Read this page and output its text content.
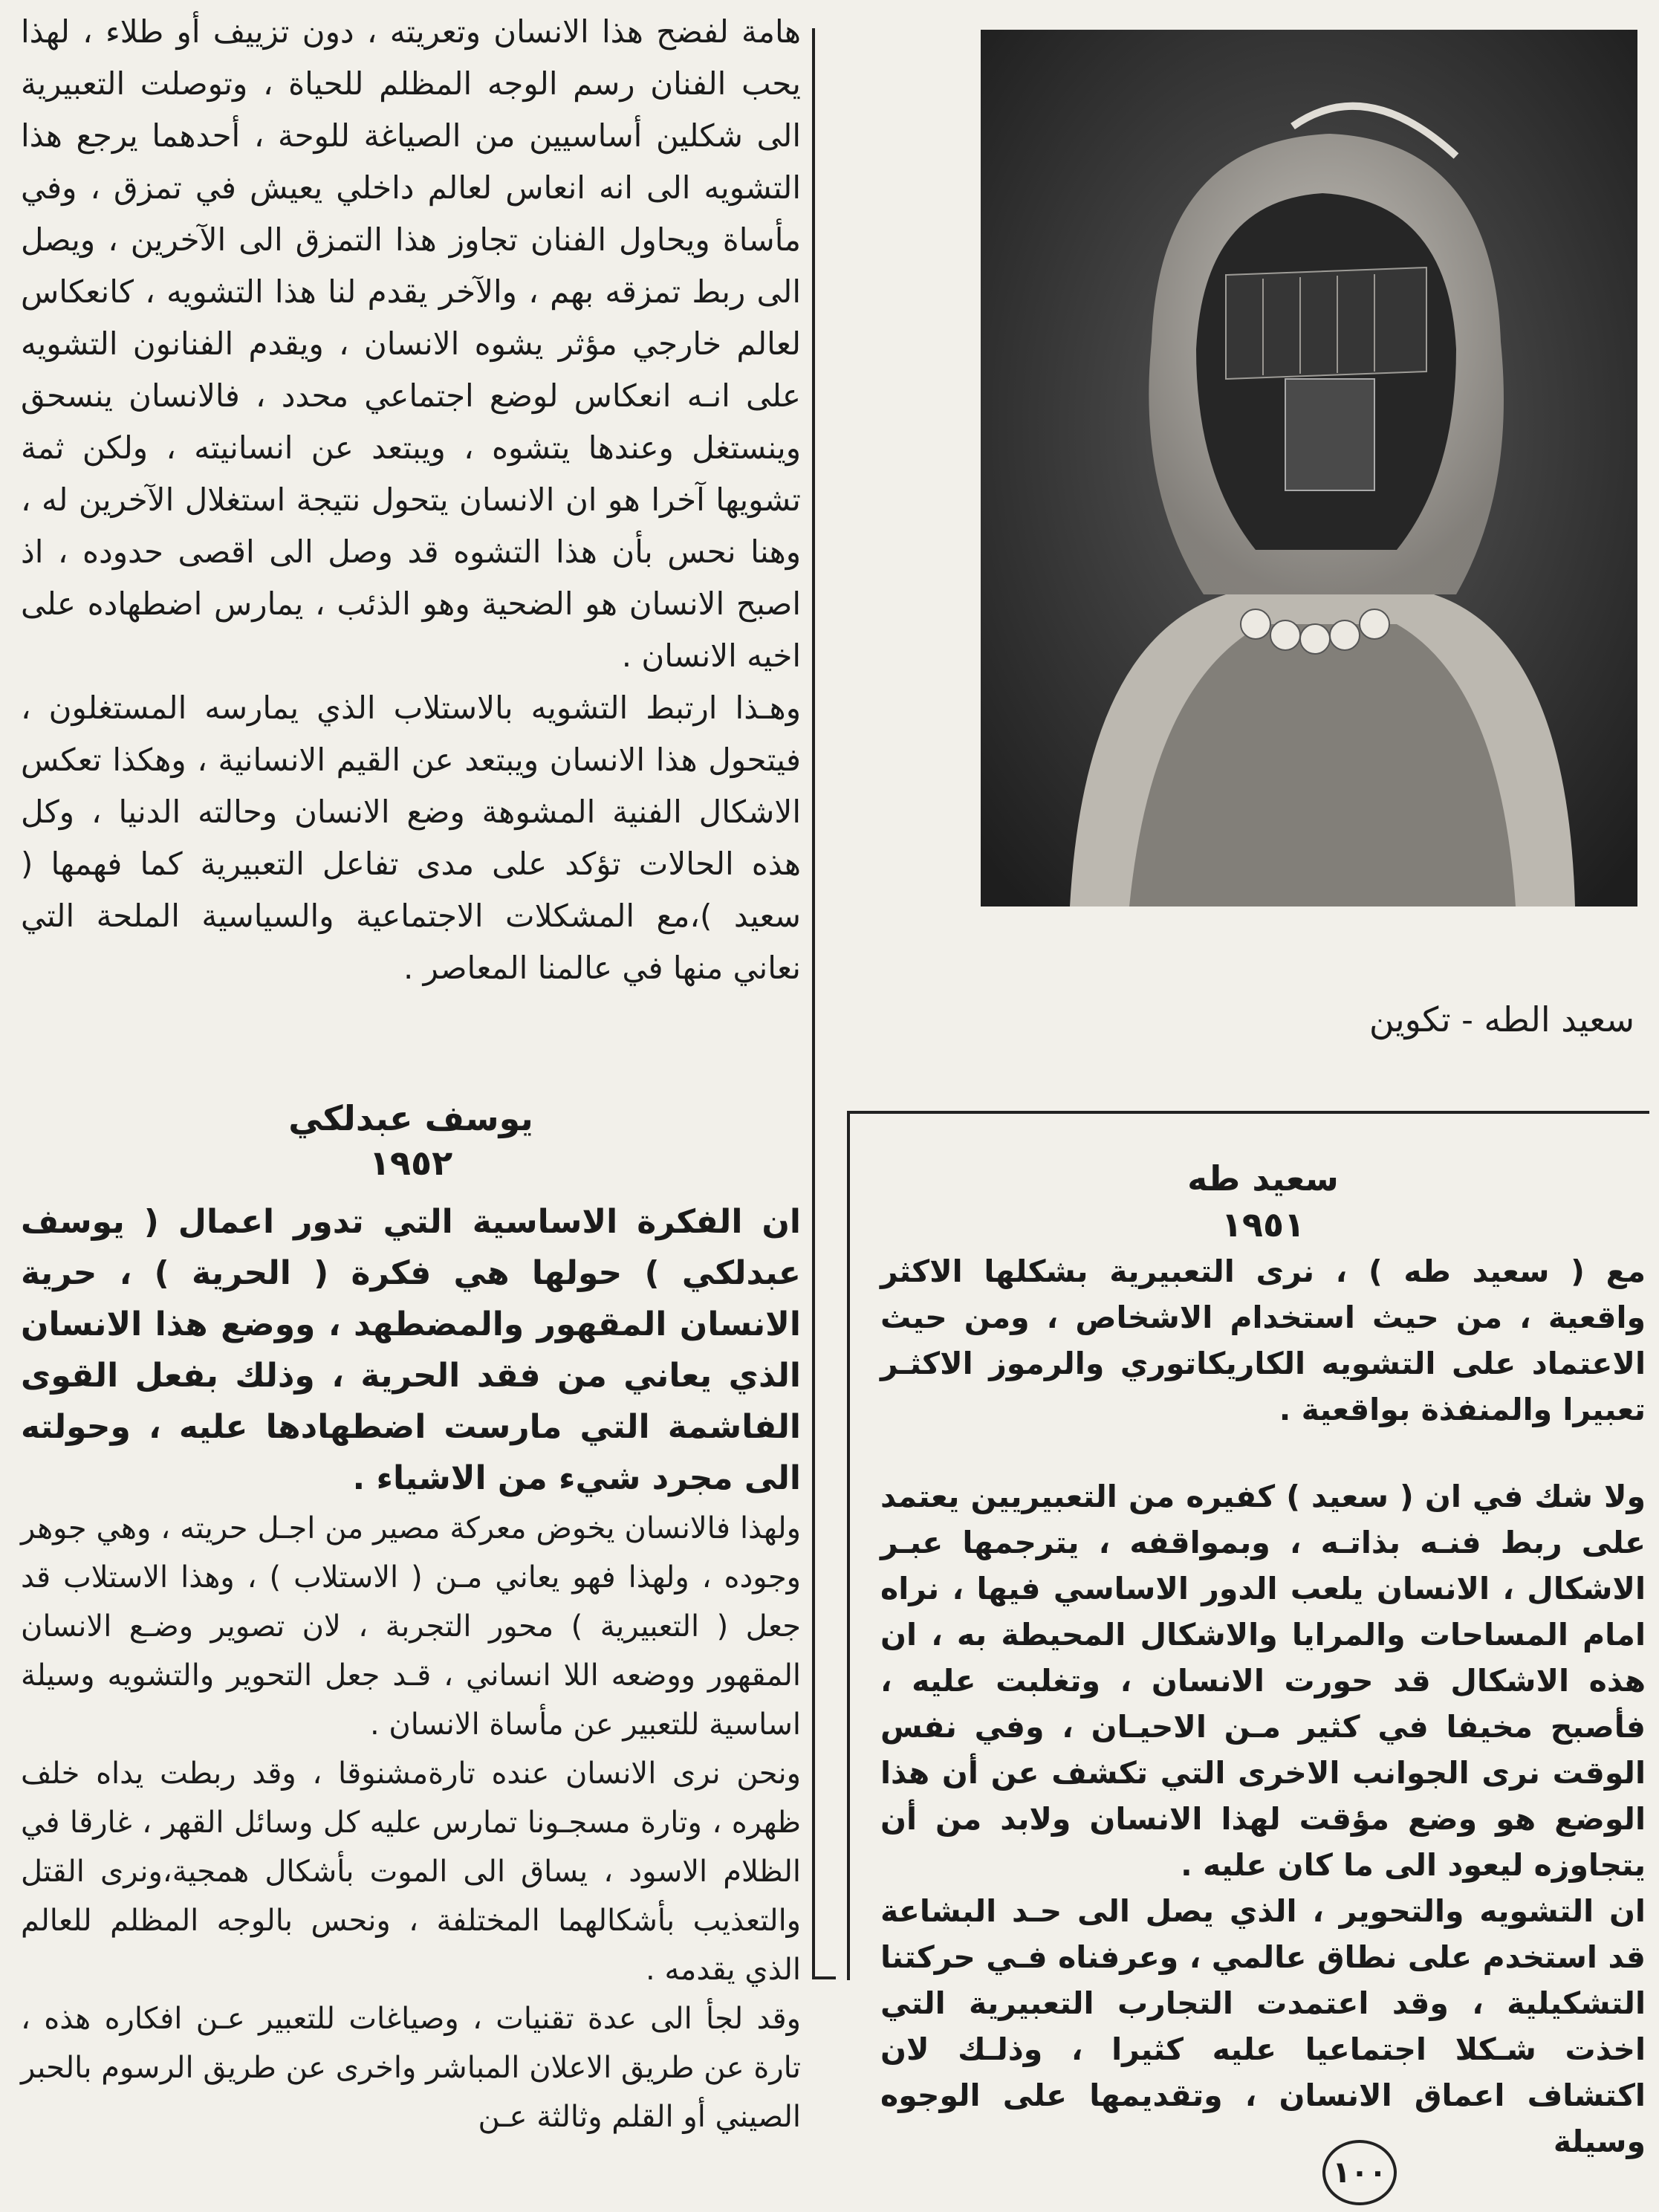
هامة لفضح هذا الانسان وتعريته ، دون تزييف أو طلاء ، لهذا يحب الفنان رسم الوجه المظلم للحياة ، وتوصلت التعبيرية الى شكلين أساسيين من الصياغة للوحة ، أحدهما يرجع هذا التشويه الى انه انعاس لعالم داخلي يعيش في تمزق ، وفي مأساة ويحاول الفنان تجاوز هذا التمزق الى الآخرين ، ويصل الى ربط تمزقه بهم ، والآخر يقدم لنا هذا التشويه ، كانعكاس لعالم خارجي مؤثر يشوه الانسان ، ويقدم الفنانون التشويه على انـه انعكاس لوضع اجتماعي محدد ، فالانسان ينسحق وينستغل وعندها يتشوه ، ويبتعد عن انسانيته ، ولكن ثمة تشويها آخرا هو ان الانسان يتحول نتيجة استغلال الآخرين له ، وهنا نحس بأن هذا التشوه قد وصل الى اقصى حدوده ، اذ اصبح الانسان هو الضحية وهو الذئب ، يمارس اضطهاده على اخيه الانسان .

وهـذا ارتبط التشويه بالاستلاب الذي يمارسه المستغلون ، فيتحول هذا الانسان ويبتعد عن القيم الانسانية ، وهكذا تعكس الاشكال الفنية المشوهة وضع الانسان وحالته الدنيا ، وكل هذه الحالات تؤكد على مدى تفاعل التعبيرية كما فهمها ( سعيد )،مع المشكلات الاجتماعية والسياسية الملحة التي نعاني منها في عالمنا المعاصر .

يوسف عبدلكي
١٩٥٢

ان الفكرة الاساسية التي تدور اعمال ( يوسف عبدلكي ) حولها هي فكرة ( الحرية ) ، حرية الانسان المقهور والمضطهد ، ووضع هذا الانسان الذي يعاني من فقد الحرية ، وذلك بفعل القوى الفاشمة التي مارست اضطهادها عليه ، وحولته الى مجرد شيء من الاشياء .

ولهذا فالانسان يخوض معركة مصير من اجـل حريته ، وهي جوهر وجوده ، ولهذا فهو يعاني مـن ( الاستلاب ) ، وهذا الاستلاب قد جعل ( التعبيرية ) محور التجربة ، لان تصوير وضـع الانسان المقهور ووضعه اللا انساني ، قـد جعل التحوير والتشويه وسيلة اساسية للتعبير عن مأساة الانسان .

ونحن نرى الانسان عنده تارةمشنوقا ، وقد ربطت يداه خلف ظهره ، وتارة مسجـونا تمارس عليه كل وسائل القهر ، غارقا في الظلام الاسود ، يساق الى الموت بأشكال همجية،ونرى القتل والتعذيب بأشكالهما المختلفة ، ونحس بالوجه المظلم للعالم الذي يقدمه .

وقد لجأ الى عدة تقنيات ، وصياغات للتعبير عـن افكاره هذه ، تارة عن طريق الاعلان المباشر واخرى عن طريق الرسوم بالحبر الصيني أو القلم وثالثة عـن

سعيد الطه - تكوين
سعيد طه
١٩٥١

مع ( سعيد طه ) ، نرى التعبيرية بشكلها الاكثر واقعية ، من حيث استخدام الاشخاص ، ومن حيث الاعتماد على التشويه الكاريكاتوري والرموز الاكثـر تعبيرا والمنفذة بواقعية .

ولا شك في ان ( سعيد ) كفيره من التعبيريين يعتمد على ربط فنـه بذاتـه ، وبمواقفه ، يترجمها عبـر الاشكال ، الانسان يلعب الدور الاساسي فيها ، نراه امام المساحات والمرايا والاشكال المحيطة به ، ان هذه الاشكال قد حورت الانسان ، وتغلبت عليه ، فأصبح مخيفا في كثير مـن الاحيـان ، وفي نفس الوقت نرى الجوانب الاخرى التي تكشف عن أن هذا الوضع هو وضع مؤقت لهذا الانسان ولابد من أن يتجاوزه ليعود الى ما كان عليه .

ان التشويه والتحوير ، الذي يصل الى حـد البشاعة قد استخدم على نطاق عالمي ، وعرفناه فـي حركتنا التشكيلية ، وقد اعتمدت التجارب التعبيرية التي اخذت شـكلا اجتماعيا عليه كثيرا ، وذلـك لان اكتشاف اعماق الانسان ، وتقديمها على الوجوه وسيلة

١٠٠
